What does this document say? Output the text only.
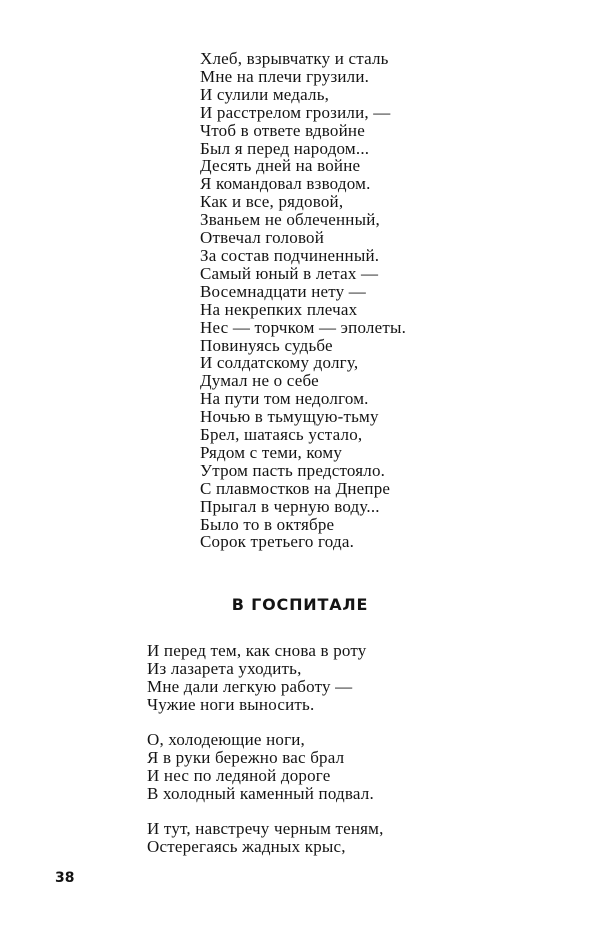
Хлеб, взрывчатку и сталь
Мне на плечи грузили.
И сулили медаль,
И расстрелом грозили, —
Чтоб в ответе вдвойне
Был я перед народом...
Десять дней на войне
Я командовал взводом.
Как и все, рядовой,
Званьем не облеченный,
Отвечал головой
За состав подчиненный.
Самый юный в летах —
Восемнадцати нету —
На некрепких плечах
Нес — торчком — эполеты.
Повинуясь судьбе
И солдатскому долгу,
Думал не о себе
На пути том недолгом.
Ночью в тьмущую-тьму
Брел, шатаясь устало,
Рядом с теми, кому
Утром пасть предстояло.
С плавмостков на Днепре
Прыгал в черную воду...
Было то в октябре
Сорок третьего года.
В ГОСПИТАЛЕ
И перед тем, как снова в роту
Из лазарета уходить,
Мне дали легкую работу —
Чужие ноги выносить.
О, холодеющие ноги,
Я в руки бережно вас брал
И нес по ледяной дороге
В холодный каменный подвал.
И тут, навстречу черным теням,
Остерегаясь жадных крыс,
38
